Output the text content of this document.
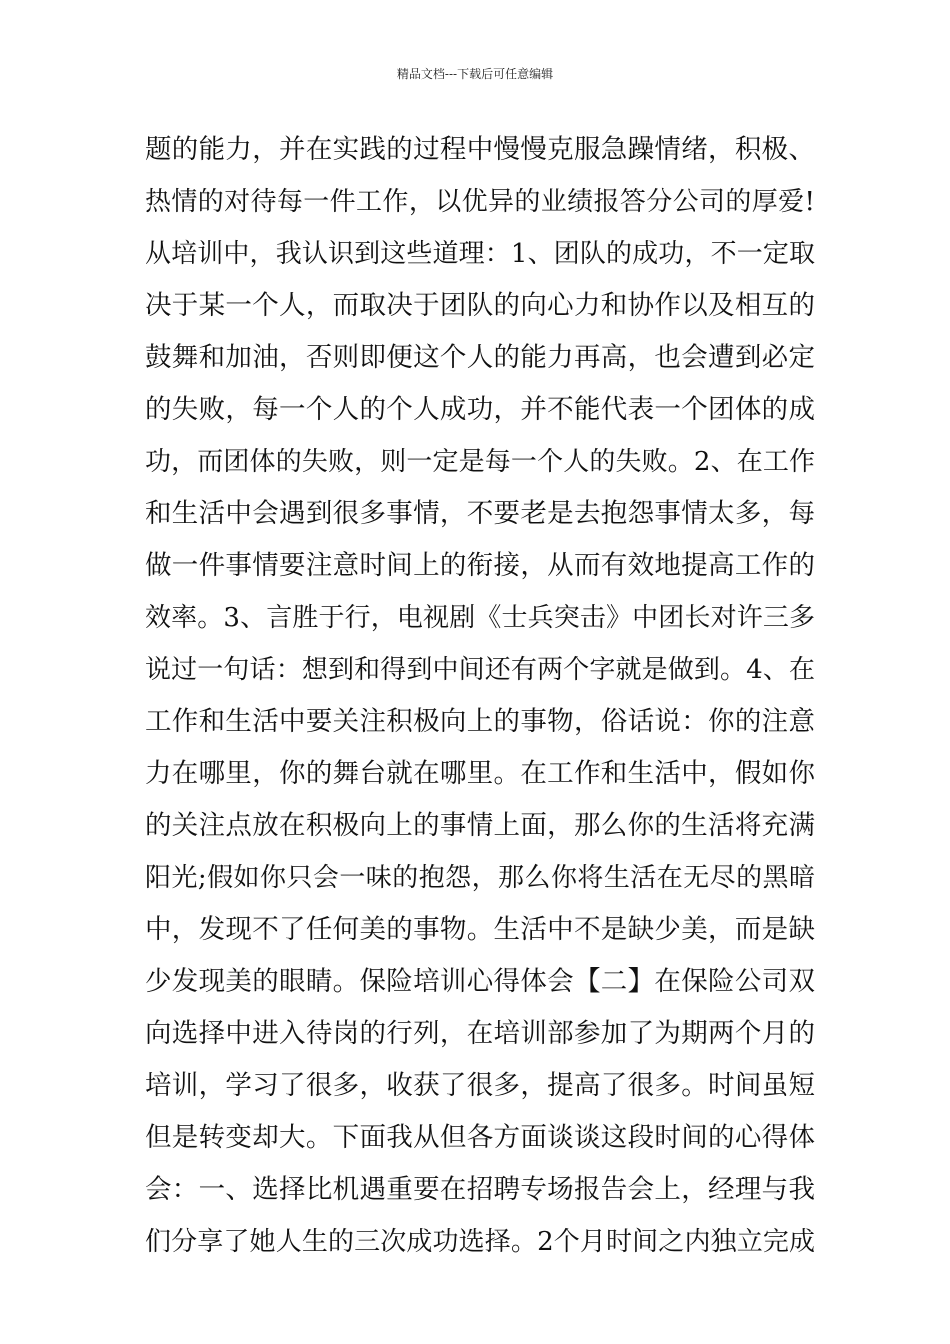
精品文档---下载后可任意编辑
题的能力，并在实践的过程中慢慢克服急躁情绪，积极、
热情的对待每一件工作，以优异的业绩报答分公司的厚爱!
从培训中，我认识到这些道理：1、团队的成功，不一定取
决于某一个人，而取决于团队的向心力和协作以及相互的
鼓舞和加油，否则即便这个人的能力再高，也会遭到必定
的失败，每一个人的个人成功，并不能代表一个团体的成
功，而团体的失败，则一定是每一个人的失败。2、在工作
和生活中会遇到很多事情，不要老是去抱怨事情太多，每
做一件事情要注意时间上的衔接，从而有效地提高工作的
效率。3、言胜于行，电视剧《士兵突击》中团长对许三多
说过一句话：想到和得到中间还有两个字就是做到。4、在
工作和生活中要关注积极向上的事物，俗话说：你的注意
力在哪里，你的舞台就在哪里。在工作和生活中，假如你
的关注点放在积极向上的事情上面，那么你的生活将充满
阳光;假如你只会一味的抱怨，那么你将生活在无尽的黑暗
中，发现不了任何美的事物。生活中不是缺少美，而是缺
少发现美的眼睛。保险培训心得体会【二】在保险公司双
向选择中进入待岗的行列，在培训部参加了为期两个月的
培训，学习了很多，收获了很多，提高了很多。时间虽短
但是转变却大。下面我从但各方面谈谈这段时间的心得体
会：一、选择比机遇重要在招聘专场报告会上，经理与我
们分享了她人生的三次成功选择。2个月时间之内独立完成
